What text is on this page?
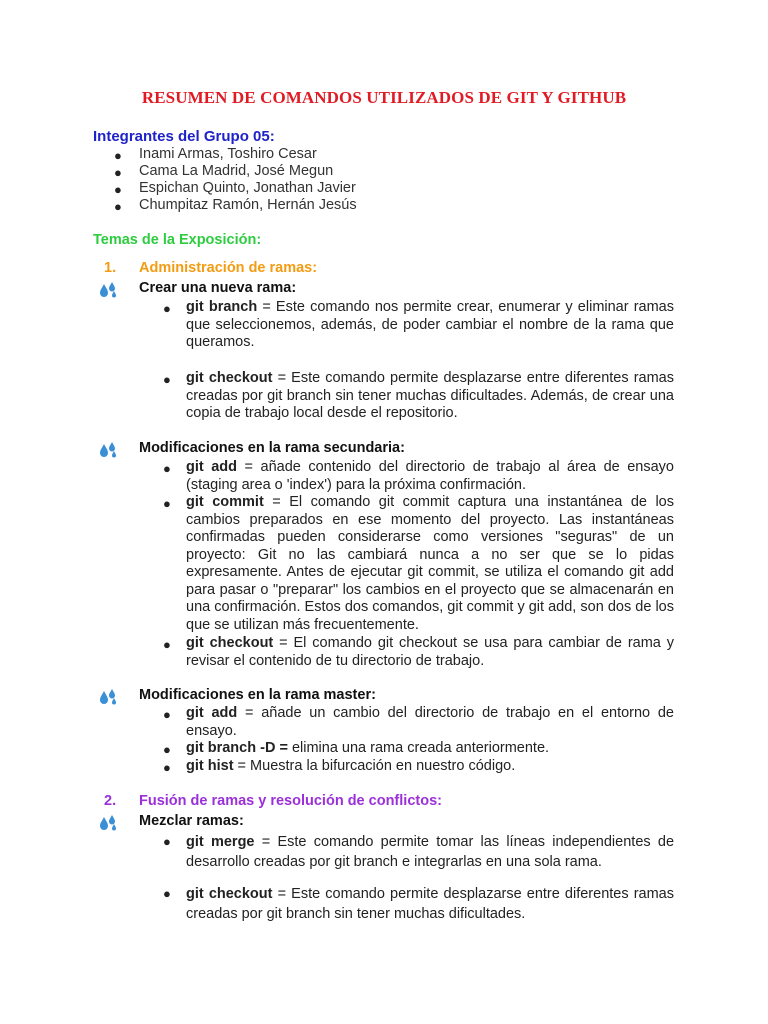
RESUMEN DE COMANDOS UTILIZADOS DE GIT Y GITHUB
Integrantes del Grupo 05:
● Inami Armas, Toshiro Cesar
● Cama La Madrid, José Megun
● Espichan Quinto, Jonathan Javier
● Chumpitaz Ramón, Hernán Jesús
Temas de la Exposición:
1. Administración de ramas:
Crear una nueva rama:
● git branch = Este comando nos permite crear, enumerar y eliminar ramas que seleccionemos, además, de poder cambiar el nombre de la rama que queramos.
● git checkout = Este comando permite desplazarse entre diferentes ramas creadas por git branch sin tener muchas dificultades. Además, de crear una copia de trabajo local desde el repositorio.
Modificaciones en la rama secundaria:
● git add = añade contenido del directorio de trabajo al área de ensayo (staging area o 'index') para la próxima confirmación.
● git commit = El comando git commit captura una instantánea de los cambios preparados en ese momento del proyecto. Las instantáneas confirmadas pueden considerarse como versiones "seguras" de un proyecto: Git no las cambiará nunca a no ser que se lo pidas expresamente. Antes de ejecutar git commit, se utiliza el comando git add para pasar o "preparar" los cambios en el proyecto que se almacenarán en una confirmación. Estos dos comandos, git commit y git add, son dos de los que se utilizan más frecuentemente.
● git checkout = El comando git checkout se usa para cambiar de rama y revisar el contenido de tu directorio de trabajo.
Modificaciones en la rama master:
● git add = añade un cambio del directorio de trabajo en el entorno de ensayo.
● git branch -D = elimina una rama creada anteriormente.
● git hist = Muestra la bifurcación en nuestro código.
2. Fusión de ramas y resolución de conflictos:
Mezclar ramas:
● git merge = Este comando permite tomar las líneas independientes de desarrollo creadas por git branch e integrarlas en una sola rama.
● git checkout = Este comando permite desplazarse entre diferentes ramas creadas por git branch sin tener muchas dificultades.
